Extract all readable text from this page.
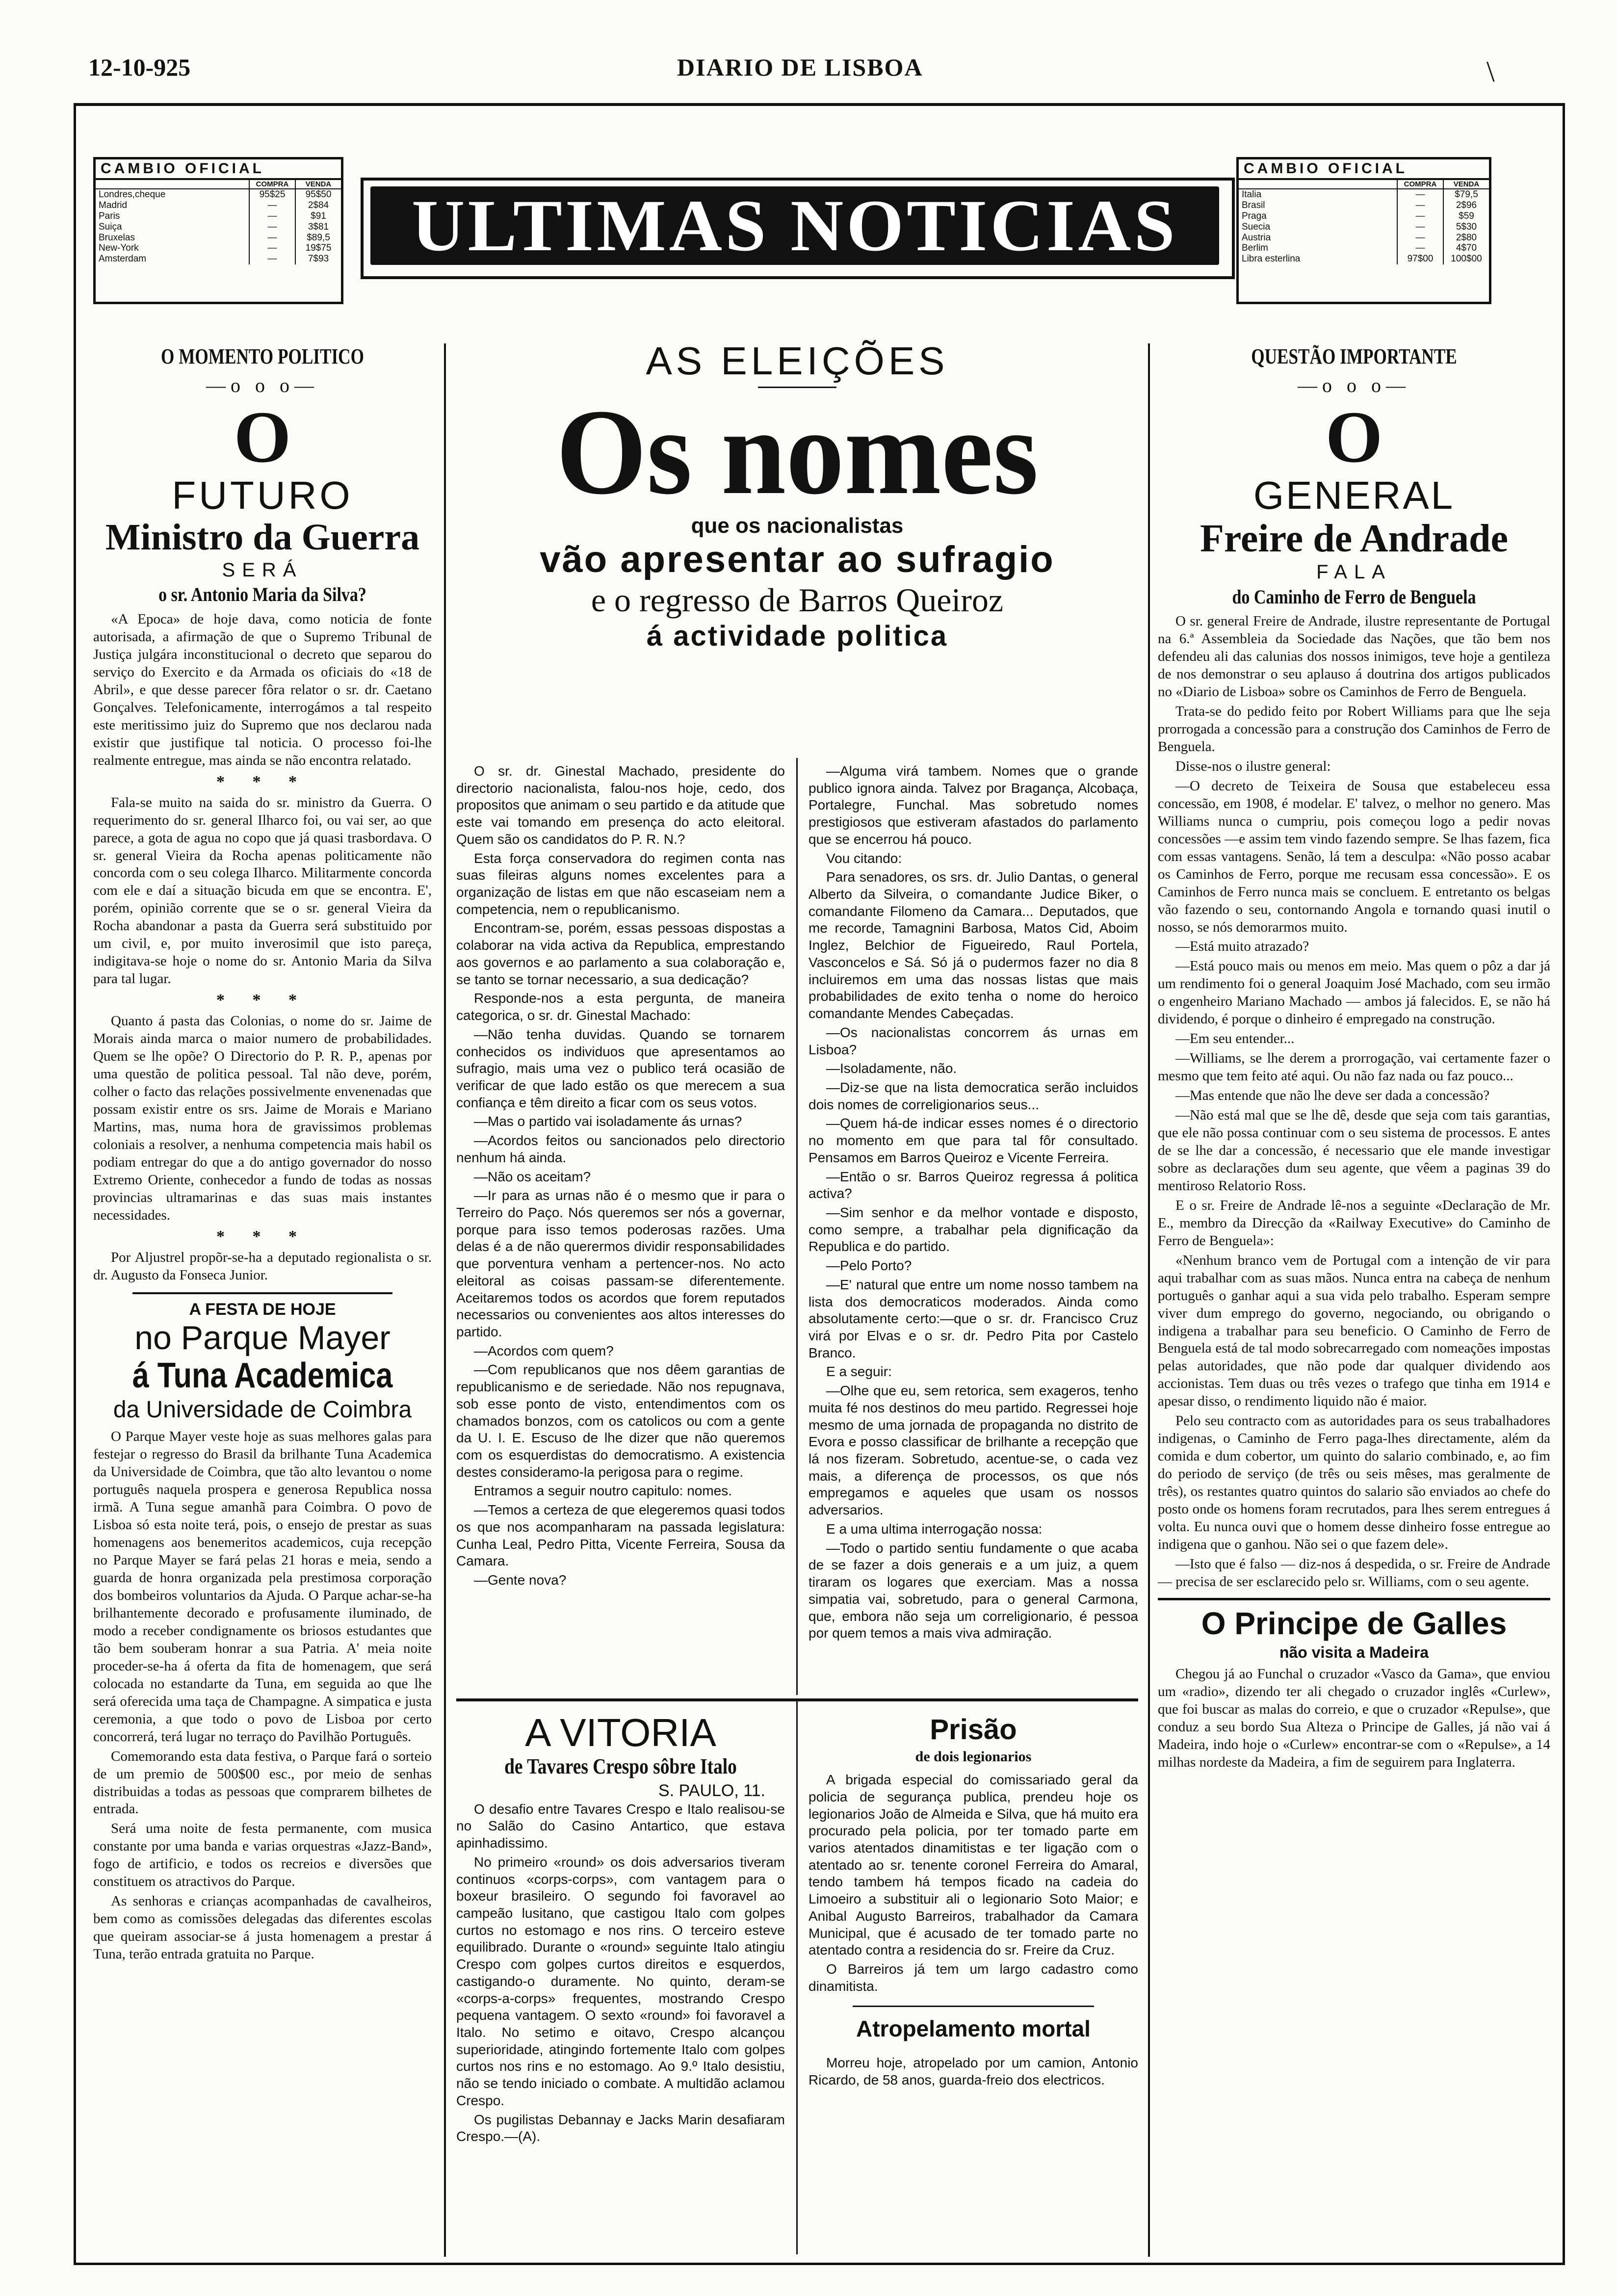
12-10-925	DIARIO DE LISBOA	\
CAMBIO OFICIAL
	COMPRA	VENDA
Londres,cheque	95$25	95$50
Madrid	—	2$84
Paris	—	$91
Suiça	—	3$81
Bruxelas	—	$89,5
New-York	—	19$75
Amsterdam	—	7$93 ULTIMAS NOTICIAS
CAMBIO OFICIAL
	COMPRA	VENDA
Italia	—	$79,5
Brasil	—	2$96
Praga	—	$59
Suecia	—	5$30
Austria	—	2$80
Berlim	—	4$70
Libra esterlina	97$00	100$00
O MOMENTO POLITICO
—o o o—
O
FUTURO
Ministro da Guerra
SERÁ
o sr. Antonio Maria da Silva?

«A Epoca» de hoje dava, como noticia de fonte autorisada, a afirmação de que o Supremo Tribunal de Justiça julgára inconstitucional o decreto que separou do serviço do Exercito e da Armada os oficiais do «18 de Abril», e que desse parecer fôra relator o sr. dr. Caetano Gonçalves. Telefonicamente, interrogámos a tal respeito este meritissimo juiz do Supremo que nos declarou nada existir que justifique tal noticia. O processo foi-lhe realmente entregue, mas ainda se não encontra relatado.

* * *

Fala-se muito na saida do sr. ministro da Guerra. O requerimento do sr. general Ilharco foi, ou vai ser, ao que parece, a gota de agua no copo que já quasi trasbordava. O sr. general Vieira da Rocha apenas politicamente não concorda com o seu colega Ilharco. Militarmente concorda com ele e daí a situação bicuda em que se encontra. E', porém, opinião corrente que se o sr. general Vieira da Rocha abandonar a pasta da Guerra será substituido por um civil, e, por muito inverosimil que isto pareça, indigitava-se hoje o nome do sr. Antonio Maria da Silva para tal lugar.

* * *

Quanto á pasta das Colonias, o nome do sr. Jaime de Morais ainda marca o maior numero de probabilidades. Quem se lhe opõe? O Directorio do P. R. P., apenas por uma questão de politica pessoal. Tal não deve, porém, colher o facto das relações possivelmente envenenadas que possam existir entre os srs. Jaime de Morais e Mariano Martins, mas, numa hora de gravissimos problemas coloniais a resolver, a nenhuma competencia mais habil os podiam entregar do que a do antigo governador do nosso Extremo Oriente, conhecedor a fundo de todas as nossas provincias ultramarinas e das suas mais instantes necessidades.

* * *

Por Aljustrel propõr-se-ha a deputado regionalista o sr. dr. Augusto da Fonseca Junior.

A FESTA DE HOJE
no Parque Mayer
á Tuna Academica
da Universidade de Coimbra

O Parque Mayer veste hoje as suas melhores galas para festejar o regresso do Brasil da brilhante Tuna Academica da Universidade de Coimbra, que tão alto levantou o nome português naquela prospera e generosa Republica nossa irmã. A Tuna segue amanhã para Coimbra. O povo de Lisboa só esta noite terá, pois, o ensejo de prestar as suas homenagens aos benemeritos academicos, cuja recepção no Parque Mayer se fará pelas 21 horas e meia, sendo a guarda de honra organizada pela prestimosa corporação dos bombeiros voluntarios da Ajuda. O Parque achar-se-ha brilhantemente decorado e profusamente iluminado, de modo a receber condignamente os briosos estudantes que tão bem souberam honrar a sua Patria. A' meia noite proceder-se-ha á oferta da fita de homenagem, que será colocada no estandarte da Tuna, em seguida ao que lhe será oferecida uma taça de Champagne. A simpatica e justa ceremonia, a que todo o povo de Lisboa por certo concorrerá, terá lugar no terraço do Pavilhão Português.

Comemorando esta data festiva, o Parque fará o sorteio de um premio de 500$00 esc., por meio de senhas distribuidas a todas as pessoas que comprarem bilhetes de entrada.

Será uma noite de festa permanente, com musica constante por uma banda e varias orquestras «Jazz-Band», fogo de artificio, e todos os recreios e diversões que constituem os atractivos do Parque.

As senhoras e crianças acompanhadas de cavalheiros, bem como as comissões delegadas das diferentes escolas que queiram associar-se á justa homenagem a prestar á Tuna, terão entrada gratuita no Parque.

AS ELEIÇÕES
Os nomes
que os nacionalistas
vão apresentar ao sufragio
e o regresso de Barros Queiroz
á actividade politica

O sr. dr. Ginestal Machado, presidente do directorio nacionalista, falou-nos hoje, cedo, dos propositos que animam o seu partido e da atitude que este vai tomando em presença do acto eleitoral. Quem são os candidatos do P. R. N.?

Esta força conservadora do regimen conta nas suas fileiras alguns nomes excelentes para a organização de listas em que não escaseiam nem a competencia, nem o republicanismo.

Encontram-se, porém, essas pessoas dispostas a colaborar na vida activa da Republica, emprestando aos governos e ao parlamento a sua colaboração e, se tanto se tornar necessario, a sua dedicação?

Responde-nos a esta pergunta, de maneira categorica, o sr. dr. Ginestal Machado:

—Não tenha duvidas. Quando se tornarem conhecidos os individuos que apresentamos ao sufragio, mais uma vez o publico terá ocasião de verificar de que lado estão os que merecem a sua confiança e têm direito a ficar com os seus votos.

—Mas o partido vai isoladamente ás urnas?

—Acordos feitos ou sancionados pelo directorio nenhum há ainda.

—Não os aceitam?

—Ir para as urnas não é o mesmo que ir para o Terreiro do Paço. Nós queremos ser nós a governar, porque para isso temos poderosas razões. Uma delas é a de não querermos dividir responsabilidades que porventura venham a pertencer-nos. No acto eleitoral as coisas passam-se diferentemente. Aceitaremos todos os acordos que forem reputados necessarios ou convenientes aos altos interesses do partido.

—Acordos com quem?

—Com republicanos que nos dêem garantias de republicanismo e de seriedade. Não nos repugnava, sob esse ponto de visto, entendimentos com os chamados bonzos, com os catolicos ou com a gente da U. I. E. Escuso de lhe dizer que não queremos com os esquerdistas do democratismo. A existencia destes consideramo-la perigosa para o regime.

Entramos a seguir noutro capitulo: nomes.

—Temos a certeza de que elegeremos quasi todos os que nos acompanharam na passada legislatura: Cunha Leal, Pedro Pitta, Vicente Ferreira, Sousa da Camara.

—Gente nova?

—Alguma virá tambem. Nomes que o grande publico ignora ainda. Talvez por Bragança, Alcobaça, Portalegre, Funchal. Mas sobretudo nomes prestigiosos que estiveram afastados do parlamento que se encerrou há pouco.

Vou citando:

Para senadores, os srs. dr. Julio Dantas, o general Alberto da Silveira, o comandante Judice Biker, o comandante Filomeno da Camara... Deputados, que me recorde, Tamagnini Barbosa, Matos Cid, Aboim Inglez, Belchior de Figueiredo, Raul Portela, Vasconcelos e Sá. Só já o pudermos fazer no dia 8 incluiremos em uma das nossas listas que mais probabilidades de exito tenha o nome do heroico comandante Mendes Cabeçadas.

—Os nacionalistas concorrem ás urnas em Lisboa?

—Isoladamente, não.

—Diz-se que na lista democratica serão incluidos dois nomes de correligionarios seus...

—Quem há-de indicar esses nomes é o directorio no momento em que para tal fôr consultado. Pensamos em Barros Queiroz e Vicente Ferreira.

—Então o sr. Barros Queiroz regressa á politica activa?

—Sim senhor e da melhor vontade e disposto, como sempre, a trabalhar pela dignificação da Republica e do partido.

—Pelo Porto?

—E' natural que entre um nome nosso tambem na lista dos democraticos moderados. Ainda como absolutamente certo:—que o sr. dr. Francisco Cruz virá por Elvas e o sr. dr. Pedro Pita por Castelo Branco.

E a seguir:

—Olhe que eu, sem retorica, sem exageros, tenho muita fé nos destinos do meu partido. Regressei hoje mesmo de uma jornada de propaganda no distrito de Evora e posso classificar de brilhante a recepção que lá nos fizeram. Sobretudo, acentue-se, o cada vez mais, a diferença de processos, os que nós empregamos e aqueles que usam os nossos adversarios.

E a uma ultima interrogação nossa:

—Todo o partido sentiu fundamente o que acaba de se fazer a dois generais e a um juiz, a quem tiraram os logares que exerciam. Mas a nossa simpatia vai, sobretudo, para o general Carmona, que, embora não seja um correligionario, é pessoa por quem temos a mais viva admiração.

A VITORIA
de Tavares Crespo sôbre Italo
S. PAULO, 11.

O desafio entre Tavares Crespo e Italo realisou-se no Salão do Casino Antartico, que estava apinhadissimo.

No primeiro «round» os dois adversarios tiveram continuos «corps-corps», com vantagem para o boxeur brasileiro. O segundo foi favoravel ao campeão lusitano, que castigou Italo com golpes curtos no estomago e nos rins. O terceiro esteve equilibrado. Durante o «round» seguinte Italo atingiu Crespo com golpes curtos direitos e esquerdos, castigando-o duramente. No quinto, deram-se «corps-a-corps» frequentes, mostrando Crespo pequena vantagem. O sexto «round» foi favoravel a Italo. No setimo e oitavo, Crespo alcançou superioridade, atingindo fortemente Italo com golpes curtos nos rins e no estomago. Ao 9.º Italo desistiu, não se tendo iniciado o combate. A multidão aclamou Crespo.

Os pugilistas Debannay e Jacks Marin desafiaram Crespo.—(A).

Prisão
de dois legionarios

A brigada especial do comissariado geral da policia de segurança publica, prendeu hoje os legionarios João de Almeida e Silva, que há muito era procurado pela policia, por ter tomado parte em varios atentados dinamitistas e ter ligação com o atentado ao sr. tenente coronel Ferreira do Amaral, tendo tambem há tempos ficado na cadeia do Limoeiro a substituir ali o legionario Soto Maior; e Anibal Augusto Barreiros, trabalhador da Camara Municipal, que é acusado de ter tomado parte no atentado contra a residencia do sr. Freire da Cruz.

O Barreiros já tem um largo cadastro como dinamitista.

Atropelamento mortal

Morreu hoje, atropelado por um camion, Antonio Ricardo, de 58 anos, guarda-freio dos electricos.

QUESTÃO IMPORTANTE
—o o o—
O
GENERAL
Freire de Andrade
FALA
do Caminho de Ferro de Benguela

O sr. general Freire de Andrade, ilustre representante de Portugal na 6.ª Assembleia da Sociedade das Nações, que tão bem nos defendeu ali das calunias dos nossos inimigos, teve hoje a gentileza de nos demonstrar o seu aplauso á doutrina dos artigos publicados no «Diario de Lisboa» sobre os Caminhos de Ferro de Benguela.

Trata-se do pedido feito por Robert Williams para que lhe seja prorrogada a concessão para a construção dos Caminhos de Ferro de Benguela.

Disse-nos o ilustre general:

—O decreto de Teixeira de Sousa que estabeleceu essa concessão, em 1908, é modelar. E' talvez, o melhor no genero. Mas Williams nunca o cumpriu, pois começou logo a pedir novas concessões —e assim tem vindo fazendo sempre. Se lhas fazem, fica com essas vantagens. Senão, lá tem a desculpa: «Não posso acabar os Caminhos de Ferro, porque me recusam essa concessão». E os Caminhos de Ferro nunca mais se concluem. E entretanto os belgas vão fazendo o seu, contornando Angola e tornando quasi inutil o nosso, se nós demorarmos muito.

—Está muito atrazado?

—Está pouco mais ou menos em meio. Mas quem o pôz a dar já um rendimento foi o general Joaquim José Machado, com seu irmão o engenheiro Mariano Machado — ambos já falecidos. E, se não há dividendo, é porque o dinheiro é empregado na construção.

—Em seu entender...

—Williams, se lhe derem a prorrogação, vai certamente fazer o mesmo que tem feito até aqui. Ou não faz nada ou faz pouco...

—Mas entende que não lhe deve ser dada a concessão?

—Não está mal que se lhe dê, desde que seja com tais garantias, que ele não possa continuar com o seu sistema de processos. E antes de se lhe dar a concessão, é necessario que ele mande investigar sobre as declarações dum seu agente, que vêem a paginas 39 do mentiroso Relatorio Ross.

E o sr. Freire de Andrade lê-nos a seguinte «Declaração de Mr. E., membro da Direcção da «Railway Executive» do Caminho de Ferro de Benguela»:

«Nenhum branco vem de Portugal com a intenção de vir para aqui trabalhar com as suas mãos. Nunca entra na cabeça de nenhum português o ganhar aqui a sua vida pelo trabalho. Esperam sempre viver dum emprego do governo, negociando, ou obrigando o indigena a trabalhar para seu beneficio. O Caminho de Ferro de Benguela está de tal modo sobrecarregado com nomeações impostas pelas autoridades, que não pode dar qualquer dividendo aos accionistas. Tem duas ou três vezes o trafego que tinha em 1914 e apesar disso, o rendimento liquido não é maior.

Pelo seu contracto com as autoridades para os seus trabalhadores indigenas, o Caminho de Ferro paga-lhes directamente, além da comida e dum cobertor, um quinto do salario combinado, e, ao fim do periodo de serviço (de três ou seis mêses, mas geralmente de três), os restantes quatro quintos do salario são enviados ao chefe do posto onde os homens foram recrutados, para lhes serem entregues á volta. Eu nunca ouvi que o homem desse dinheiro fosse entregue ao indigena que o ganhou. Não sei o que fazem dele».

—Isto que é falso — diz-nos á despedida, o sr. Freire de Andrade — precisa de ser esclarecido pelo sr. Williams, com o seu agente.

O Principe de Galles
não visita a Madeira

Chegou já ao Funchal o cruzador «Vasco da Gama», que enviou um «radio», dizendo ter ali chegado o cruzador inglês «Curlew», que foi buscar as malas do correio, e que o cruzador «Repulse», que conduz a seu bordo Sua Alteza o Principe de Galles, já não vai á Madeira, indo hoje o «Curlew» encontrar-se com o «Repulse», a 14 milhas nordeste da Madeira, a fim de seguirem para Inglaterra.
